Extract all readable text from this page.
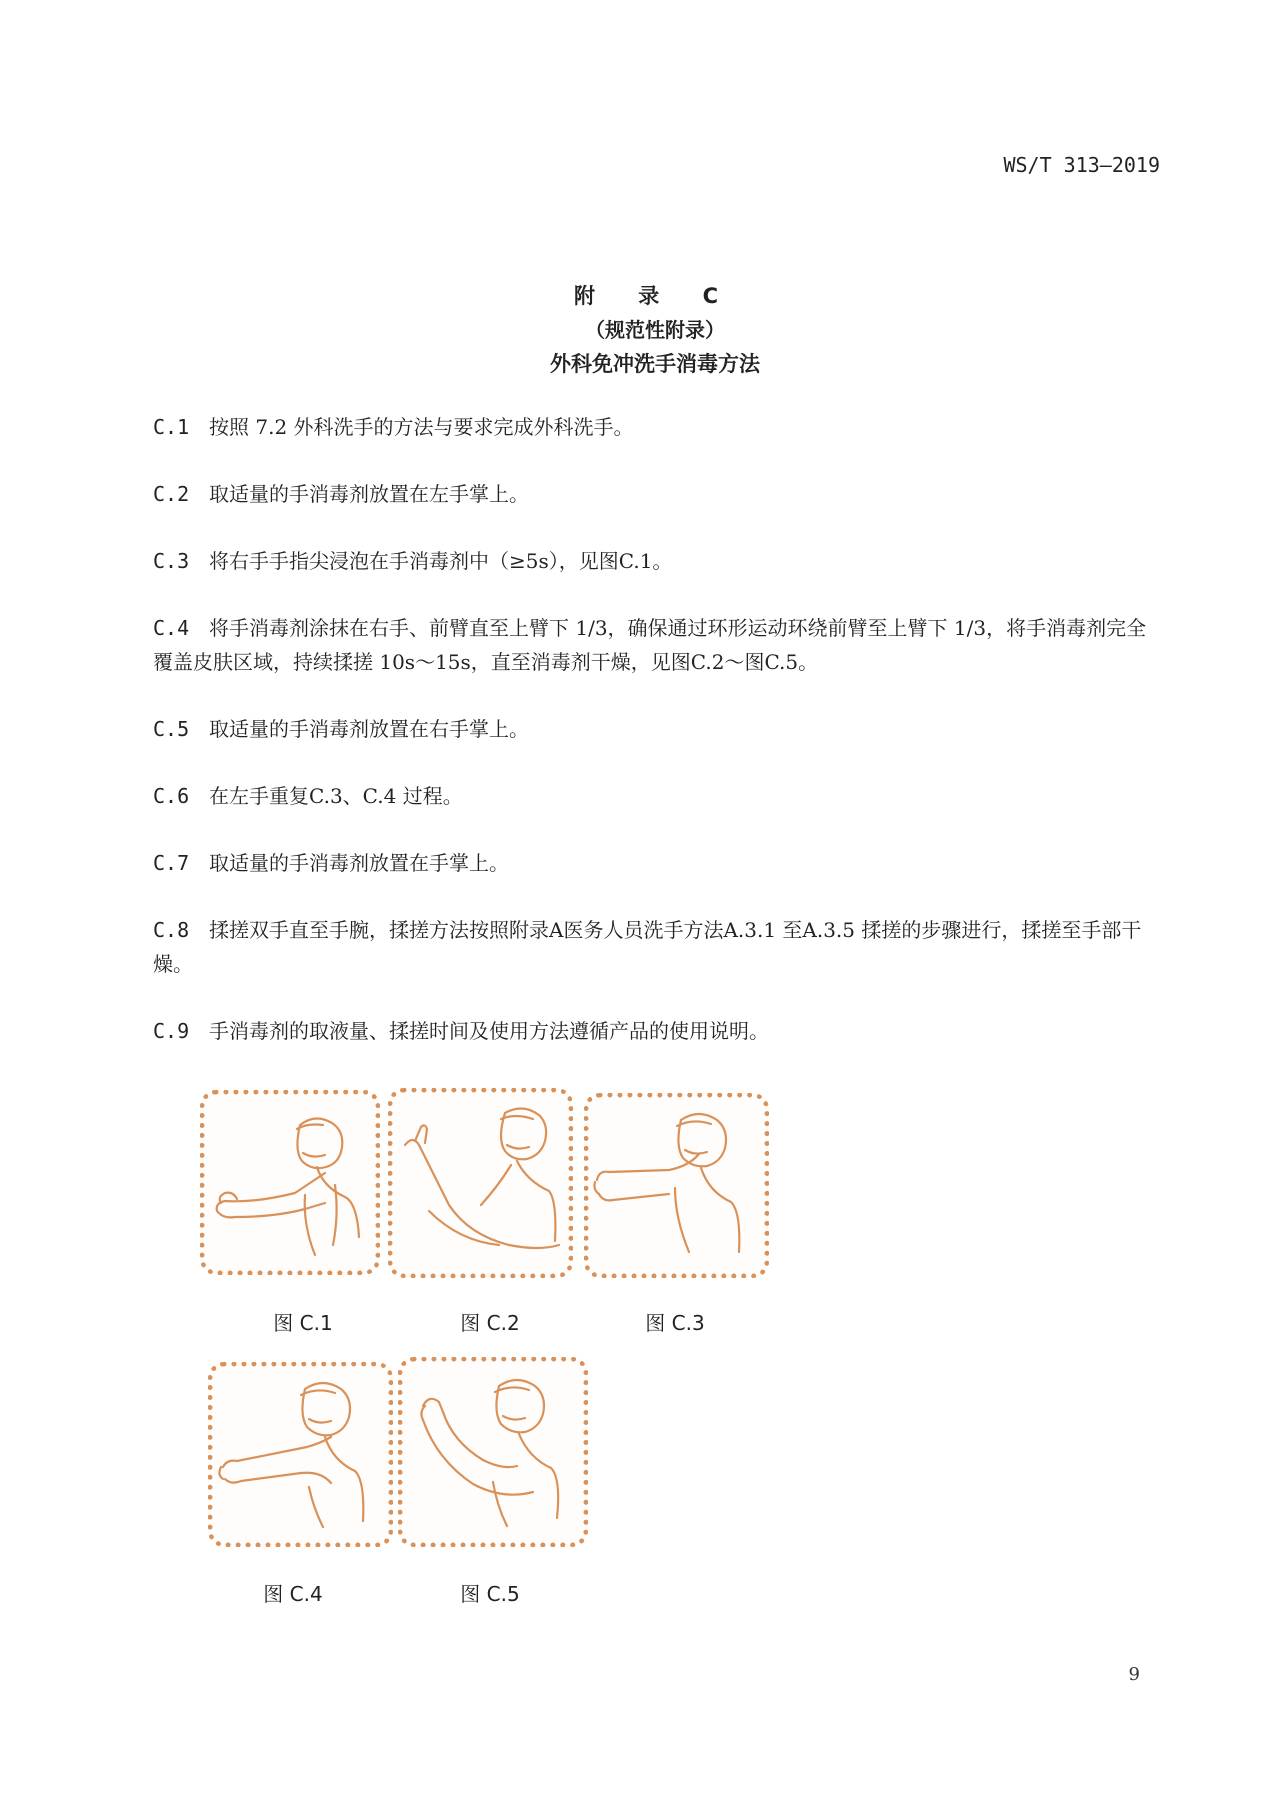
WS/T 313—2019
附 录 C
（规范性附录）
外科免冲洗手消毒方法
C.1 按照 7.2 外科洗手的方法与要求完成外科洗手。
C.2 取适量的手消毒剂放置在左手掌上。
C.3 将右手手指尖浸泡在手消毒剂中（≥5s），见图C.1。
C.4 将手消毒剂涂抹在右手、前臂直至上臂下 1/3，确保通过环形运动环绕前臂至上臂下 1/3，将手消毒剂完全覆盖皮肤区域，持续揉搓 10s～15s，直至消毒剂干燥，见图C.2～图C.5。
C.5 取适量的手消毒剂放置在右手掌上。
C.6 在左手重复C.3、C.4 过程。
C.7 取适量的手消毒剂放置在手掌上。
C.8 揉搓双手直至手腕，揉搓方法按照附录A医务人员洗手方法A.3.1 至A.3.5 揉搓的步骤进行，揉搓至手部干燥。
C.9 手消毒剂的取液量、揉搓时间及使用方法遵循产品的使用说明。
图 C.1	图 C.2	图 C.3
图 C.4	图 C.5
9
